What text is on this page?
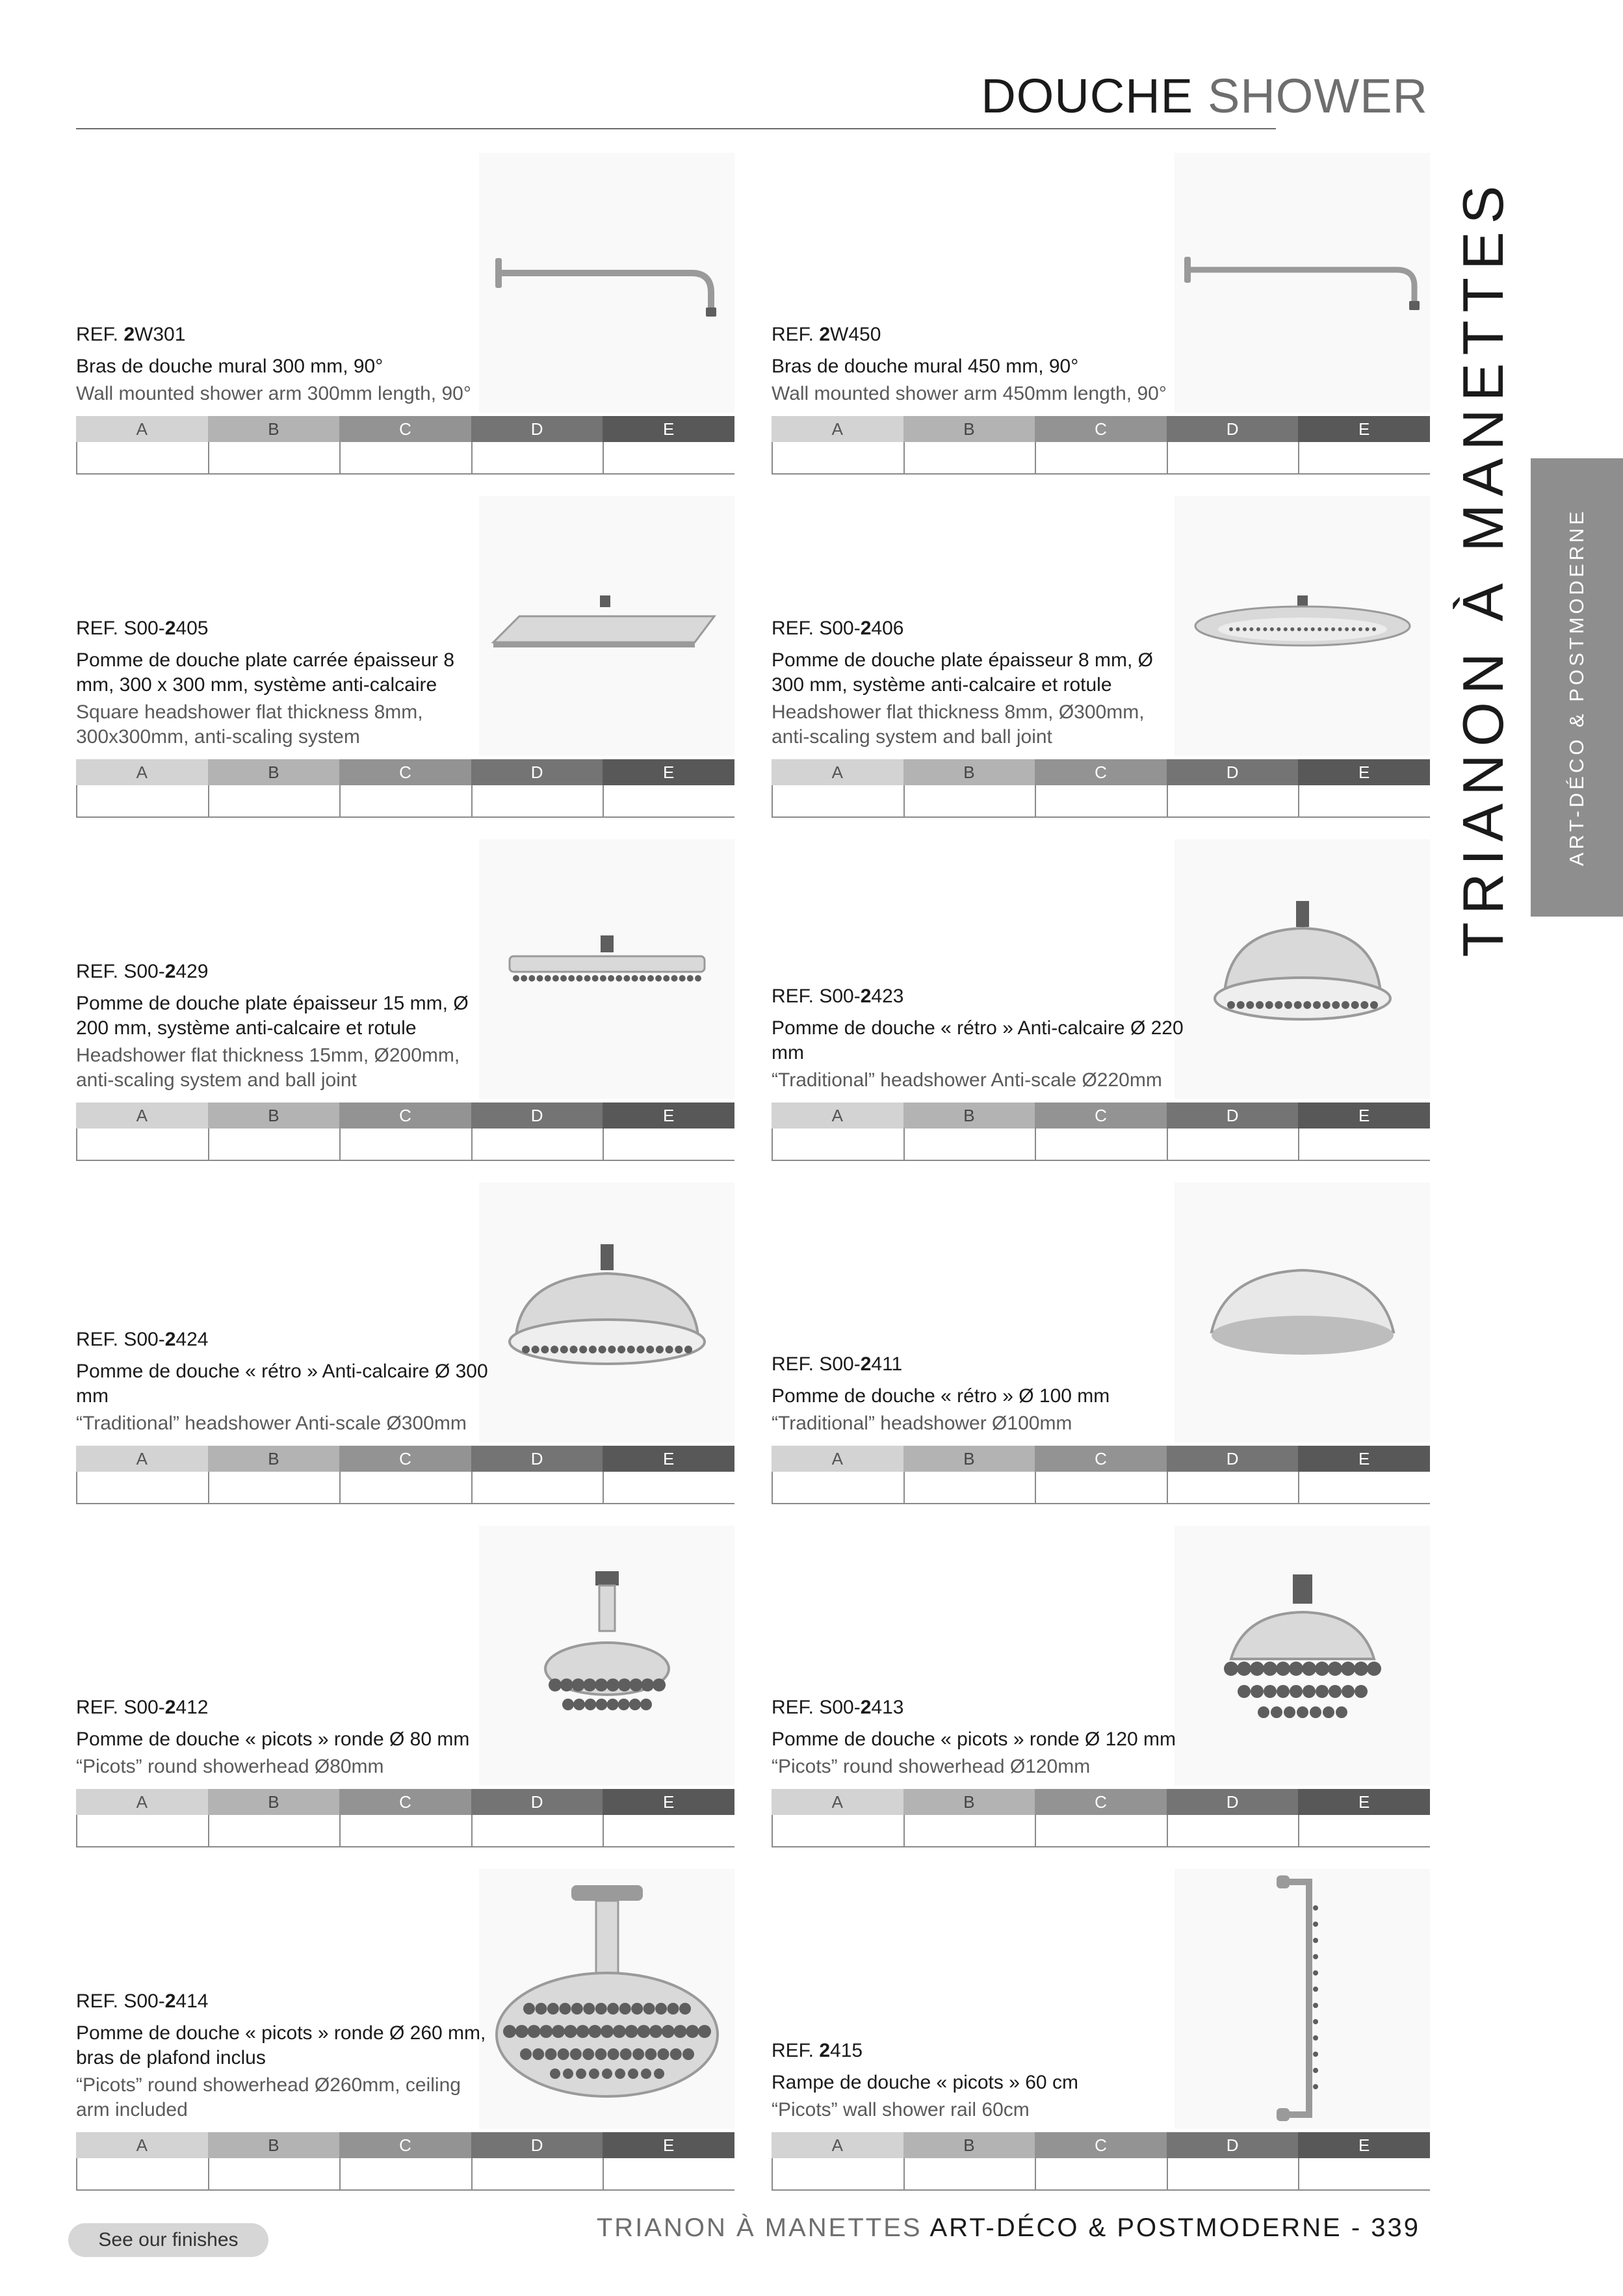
DOUCHE SHOWER
TRIANON À MANETTES ART-DÉCO & POSTMODERNE
REF. 2W301
Bras de douche mural 300 mm, 90°
Wall mounted shower arm 300mm length, 90°
A	B	C	D	E
REF. 2W450
Bras de douche mural 450 mm, 90°
Wall mounted shower arm 450mm length, 90°
A	B	C	D	E
REF. S00-2405
Pomme de douche plate carrée épaisseur 8 mm, 300 x 300 mm, système anti-calcaire
Square headshower flat thickness 8mm, 300x300mm, anti-scaling system
A	B	C	D	E
REF. S00-2406
Pomme de douche plate épaisseur 8 mm, Ø 300 mm, système anti-calcaire et rotule
Headshower flat thickness 8mm, Ø300mm, anti-scaling system and ball joint
A	B	C	D	E
REF. S00-2429
Pomme de douche plate épaisseur 15 mm, Ø 200 mm, système anti-calcaire et rotule
Headshower flat thickness 15mm, Ø200mm, anti-scaling system and ball joint
A	B	C	D	E
REF. S00-2423
Pomme de douche « rétro » Anti-calcaire Ø 220 mm
“Traditional” headshower Anti-scale Ø220mm
A	B	C	D	E
REF. S00-2424
Pomme de douche « rétro » Anti-calcaire Ø 300 mm
“Traditional” headshower Anti-scale Ø300mm
A	B	C	D	E
REF. S00-2411
Pomme de douche « rétro » Ø 100 mm
“Traditional” headshower Ø100mm
A	B	C	D	E
REF. S00-2412
Pomme de douche « picots » ronde Ø 80 mm
“Picots” round showerhead Ø80mm
A	B	C	D	E
REF. S00-2413
Pomme de douche « picots » ronde Ø 120 mm
“Picots” round showerhead Ø120mm
A	B	C	D	E
REF. S00-2414
Pomme de douche « picots » ronde Ø 260 mm, bras de plafond inclus
“Picots” round showerhead Ø260mm, ceiling arm included
A	B	C	D	E
REF. 2415
Rampe de douche « picots » 60 cm
“Picots” wall shower rail 60cm
A	B	C	D	E
See our finishes	TRIANON À MANETTES ART-DÉCO & POSTMODERNE - 339
